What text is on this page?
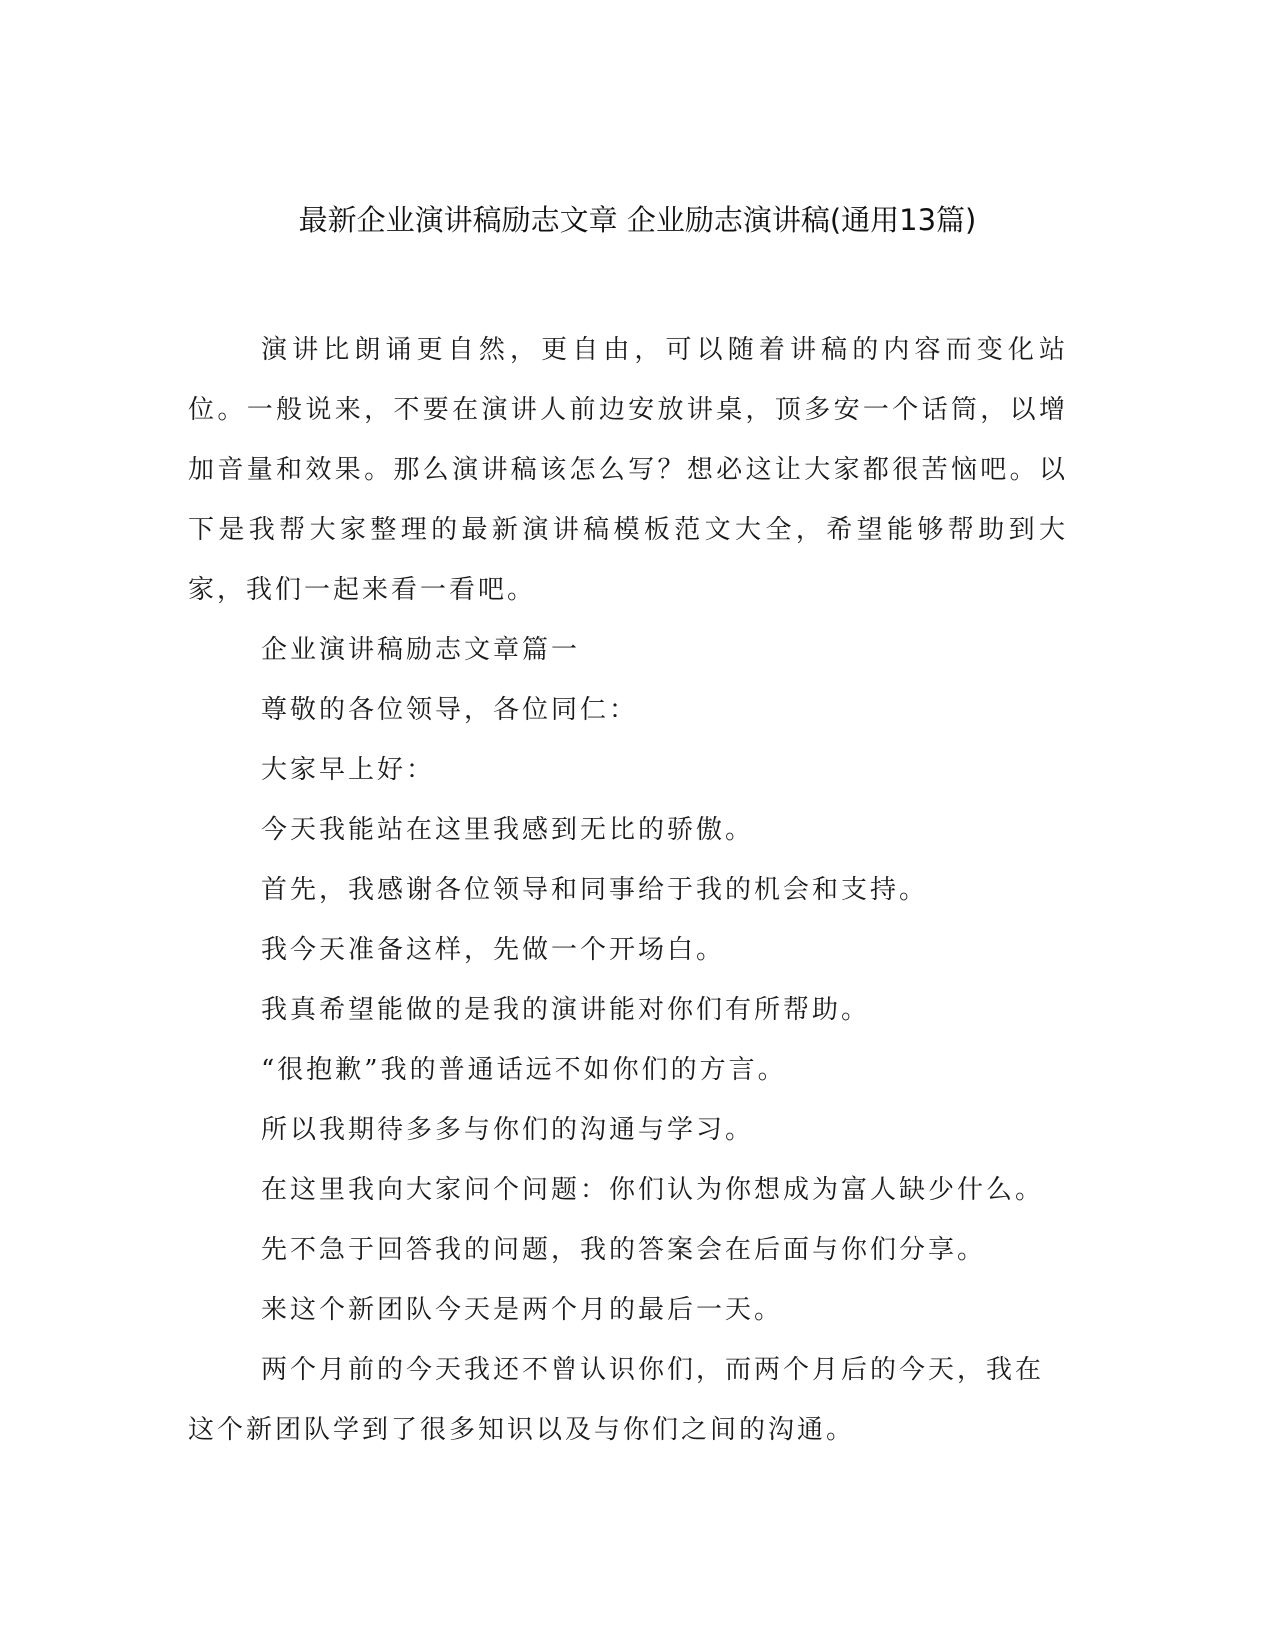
最新企业演讲稿励志文章 企业励志演讲稿(通用13篇)

演讲比朗诵更自然，更自由，可以随着讲稿的内容而变化站位。一般说来，不要在演讲人前边安放讲桌，顶多安一个话筒，以增加音量和效果。那么演讲稿该怎么写？想必这让大家都很苦恼吧。以下是我帮大家整理的最新演讲稿模板范文大全，希望能够帮助到大家，我们一起来看一看吧。

企业演讲稿励志文章篇一

尊敬的各位领导，各位同仁：

大家早上好：

今天我能站在这里我感到无比的骄傲。

首先，我感谢各位领导和同事给于我的机会和支持。

我今天准备这样，先做一个开场白。

我真希望能做的是我的演讲能对你们有所帮助。

“很抱歉”我的普通话远不如你们的方言。

所以我期待多多与你们的沟通与学习。

在这里我向大家问个问题：你们认为你想成为富人缺少什么。

先不急于回答我的问题，我的答案会在后面与你们分享。

来这个新团队今天是两个月的最后一天。

两个月前的今天我还不曾认识你们，而两个月后的今天，我在这个新团队学到了很多知识以及与你们之间的沟通。
